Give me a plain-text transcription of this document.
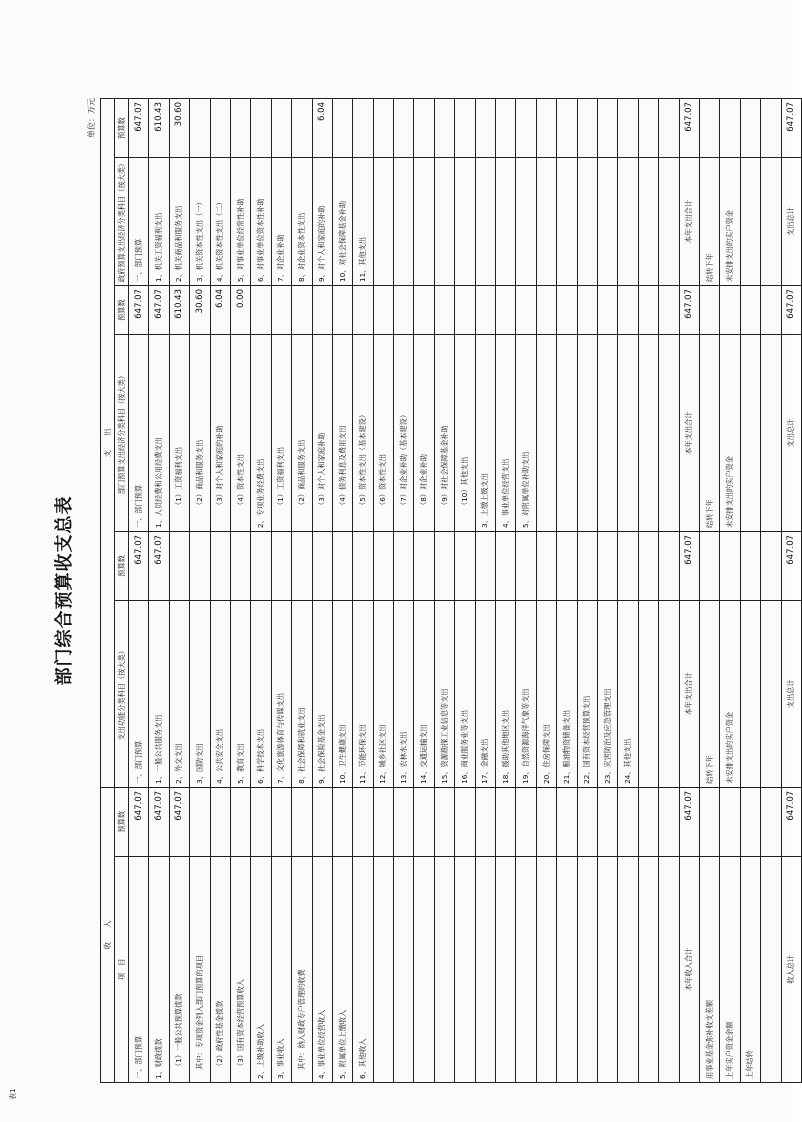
表1
部门综合预算收支总表
单位：万元
收　　入		支　　出					
项　目	预算数	支出功能分类科目（按大类）	预算数	部门预算支出经济分类科目（按大类）	预算数	政府预算支出经济分类科目（按大类）	预算数
一、部门预算	647.07	一、部门预算	647.07	一、部门预算	647.07	一、部门预算	647.07
1、财政拨款	647.07	1、一般公共服务支出	647.07	1、人员经费和公用经费支出	647.07	1、机关工资福利支出	610.43
（1）一般公共预算拨款	647.07	2、外交支出		（1）工资福利支出	610.43	2、机关商品和服务支出	30.60
其中：专项资金列入部门预算的项目		3、国防支出		（2）商品和服务支出	30.60	3、机关资本性支出（一）	
（2）政府性基金拨款		4、公共安全支出		（3）对个人和家庭的补助	6.04	4、机关资本性支出（二）	
（3）国有资本经营预算收入		5、教育支出		（4）资本性支出	0.00	5、对事业单位经常性补助	
2、上级补助收入		6、科学技术支出		2、专项业务经费支出		6、对事业单位资本性补助	
3、事业收入		7、文化旅游体育与传媒支出		（1）工资福利支出		7、对企业补助	
其中：纳入财政专户管理的收费		8、社会保障和就业支出		（2）商品和服务支出		8、对企业资本性支出	
4、事业单位经营收入		9、社会保险基金支出		（3）对个人和家庭补助		9、对个人和家庭的补助	6.04
5、附属单位上缴收入		10、卫生健康支出		（4）债务利息及费用支出		10、对社会保障基金补助	
6、其他收入		11、节能环保支出		（5）资本性支出（基本建设）		11、其他支出	
		12、城乡社区支出		（6）资本性支出			
		13、农林水支出		（7）对企业补助（基本建设）			
		14、交通运输支出		（8）对企业补助			
		15、资源勘探工业信息等支出		（9）对社会保障基金补助			
		16、商业服务业等支出		（10）其他支出			
		17、金融支出		3、上缴上级支出			
		18、援助其他地区支出		4、事业单位经营支出			
		19、自然资源海洋气象等支出		5、对附属单位补助支出			
		20、住房保障支出					
		21、粮油物资储备支出					
		22、国有资本经营预算支出					
		23、灾害防治及应急管理支出					
		24、其他支出					

本年收入合计	647.07	本年支出合计	647.07	本年支出合计	647.07	本年支出合计	647.07
用事业基金弥补收支差额		结转下年		结转下年		结转下年	
上年实户资金余额		未安排支出的实户资金		未安排支出的实户资金		未安排支出的实户资金	
上年结转							

收入总计	647.07	支出总计	647.07	支出总计	647.07	支出总计	647.07
